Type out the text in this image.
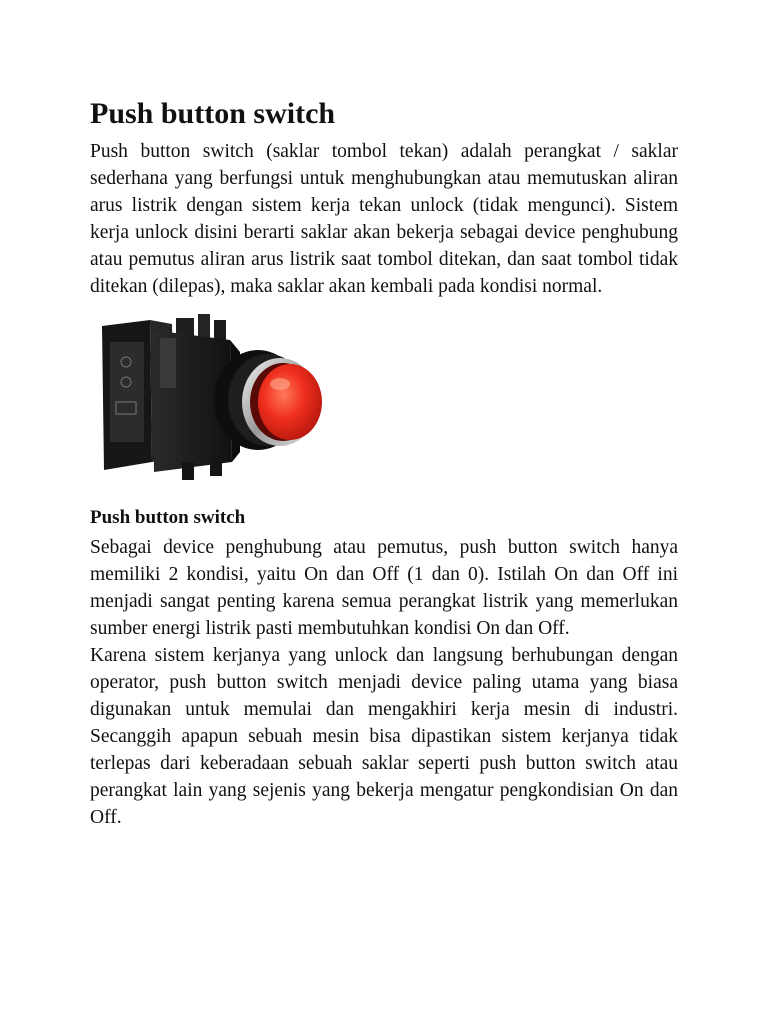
Push button switch

Push button switch (saklar tombol tekan) adalah perangkat / saklar sederhana yang berfungsi untuk menghubungkan atau memutuskan aliran arus listrik dengan sistem kerja tekan unlock (tidak mengunci). Sistem kerja unlock disini berarti saklar akan bekerja sebagai device penghubung atau pemutus aliran arus listrik saat tombol ditekan, dan saat tombol tidak ditekan (dilepas), maka saklar akan kembali pada kondisi normal.

Push button switch

Sebagai device penghubung atau pemutus, push button switch hanya memiliki 2 kondisi, yaitu On dan Off (1 dan 0). Istilah On dan Off ini menjadi sangat penting karena semua perangkat listrik yang memerlukan sumber energi listrik pasti membutuhkan kondisi On dan Off.

Karena sistem kerjanya yang unlock dan langsung berhubungan dengan operator, push button switch menjadi device paling utama yang biasa digunakan untuk memulai dan mengakhiri kerja mesin di industri. Secanggih apapun sebuah mesin bisa dipastikan sistem kerjanya tidak terlepas dari keberadaan sebuah saklar seperti push button switch atau perangkat lain yang sejenis yang bekerja mengatur pengkondisian On dan Off.
